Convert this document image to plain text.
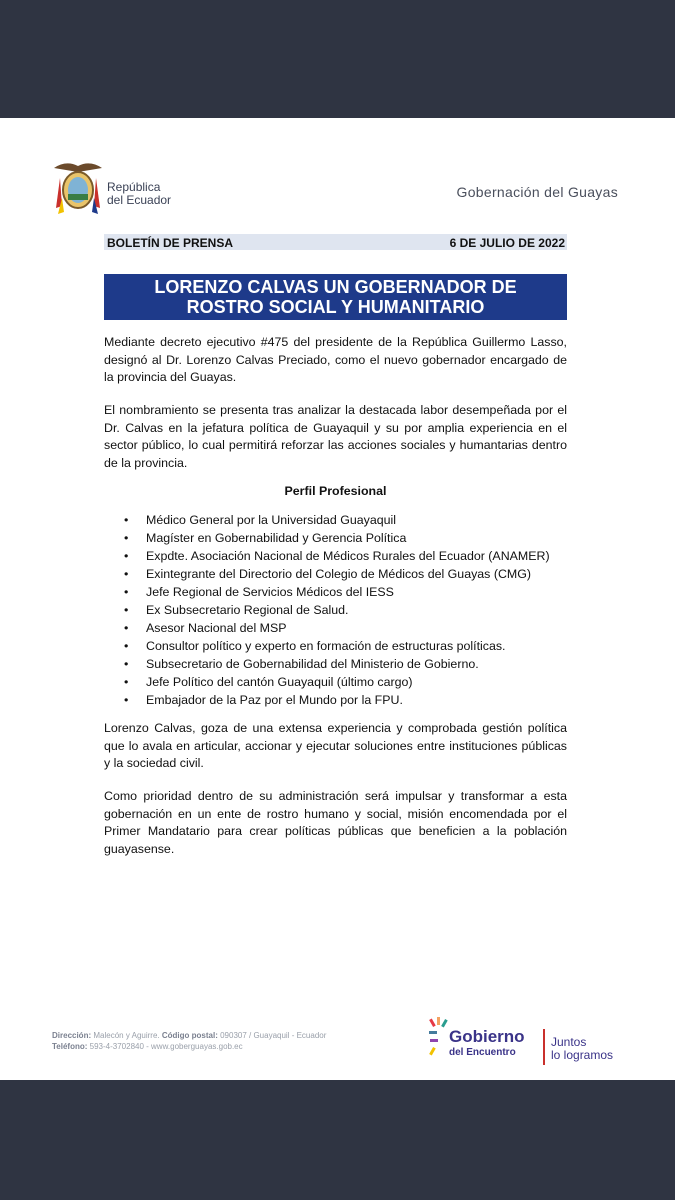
República
del Ecuador	Gobernación del Guayas
BOLETÍN DE PRENSA	6 DE JULIO DE 2022
LORENZO CALVAS UN GOBERNADOR DE
ROSTRO SOCIAL Y HUMANITARIO
Mediante decreto ejecutivo #475 del presidente de la República Guillermo Lasso, designó al Dr. Lorenzo Calvas Preciado, como el nuevo gobernador encargado de la provincia del Guayas.
El nombramiento se presenta tras analizar la destacada labor desempeñada por el Dr. Calvas en la jefatura política de Guayaquil y su por amplia experiencia en el sector público, lo cual permitirá reforzar las acciones sociales y humantarias dentro de la provincia.
Perfil Profesional
• Médico General por la Universidad Guayaquil
• Magíster en Gobernabilidad y Gerencia Política
• Expdte. Asociación Nacional de Médicos Rurales del Ecuador (ANAMER)
• Exintegrante del Directorio del Colegio de Médicos del Guayas (CMG)
• Jefe Regional de Servicios Médicos del IESS
• Ex Subsecretario Regional de Salud.
• Asesor Nacional del MSP
• Consultor político y experto en formación de estructuras políticas.
• Subsecretario de Gobernabilidad del Ministerio de Gobierno.
• Jefe Político del cantón Guayaquil (último cargo)
• Embajador de la Paz por el Mundo por la FPU.
Lorenzo Calvas, goza de una extensa experiencia y comprobada gestión política que lo avala en articular, accionar y ejecutar soluciones entre instituciones públicas y la sociedad civil.
Como prioridad dentro de su administración será impulsar y transformar a esta gobernación en un ente de rostro humano y social, misión encomendada por el Primer Mandatario para crear políticas públicas que beneficien a la población guayasense.
Dirección: Malecón y Aguirre. Código postal: 090307 / Guayaquil - Ecuador
Teléfono: 593-4-3702840 - www.goberguayas.gob.ec
Gobierno
del Encuentro
Juntos
lo logramos
